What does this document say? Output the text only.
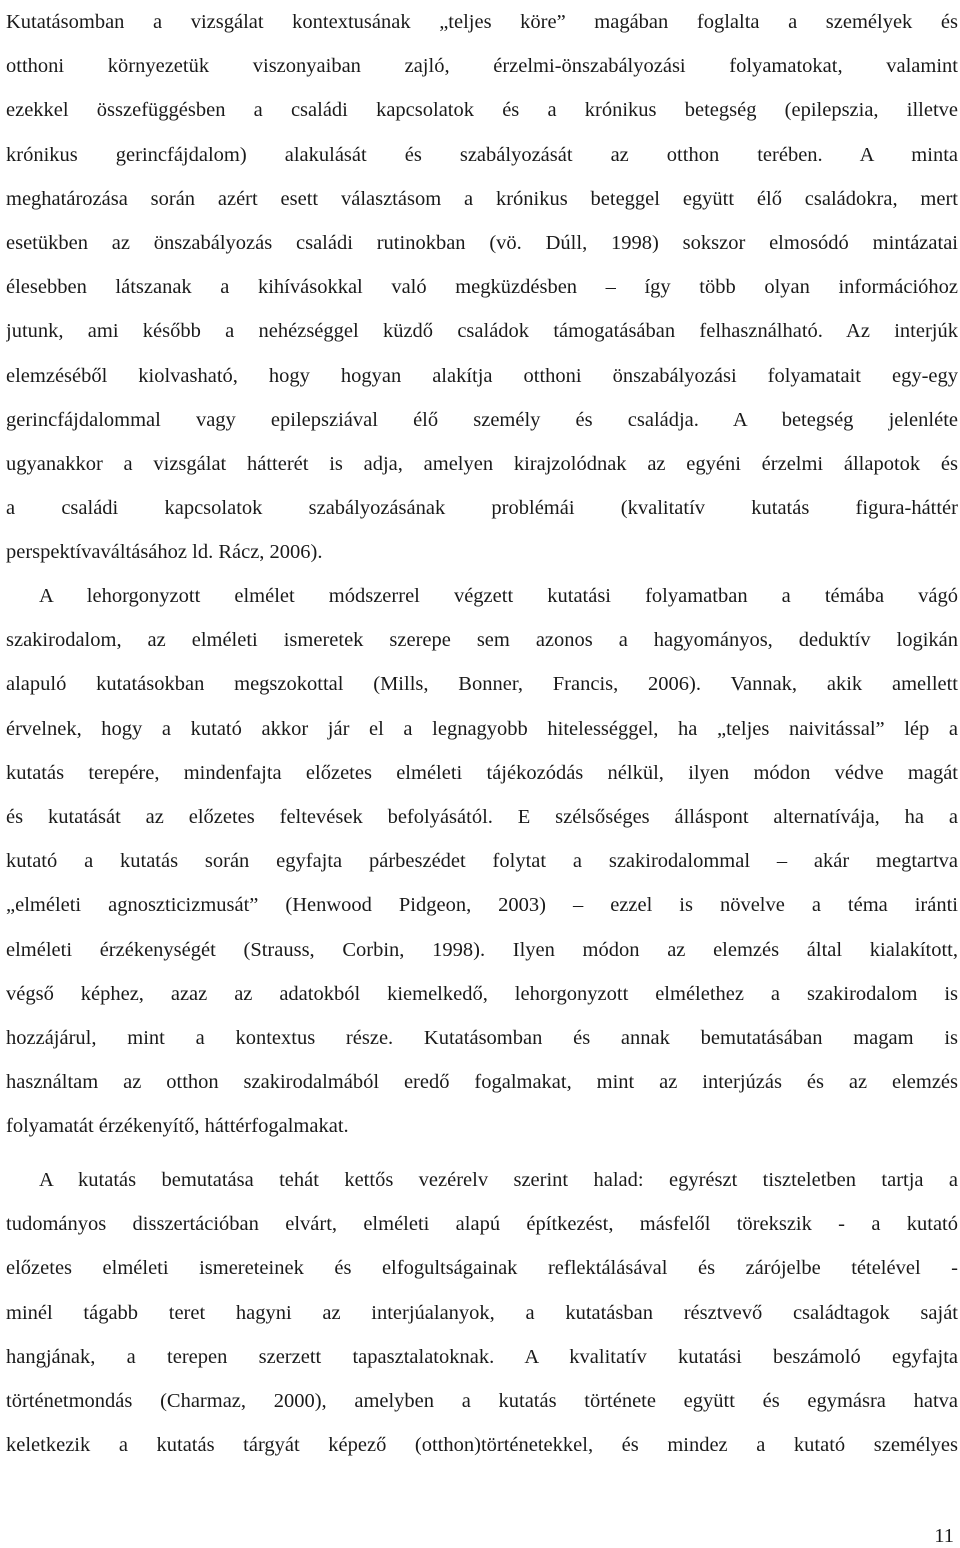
Kutatásomban a vizsgálat kontextusának „teljes köre” magában foglalta a személyek és
otthoni környezetük viszonyaiban zajló, érzelmi-önszabályozási folyamatokat, valamint
ezekkel összefüggésben a családi kapcsolatok és a krónikus betegség (epilepszia, illetve
krónikus gerincfájdalom) alakulását és szabályozását az otthon terében. A minta
meghatározása során azért esett választásom a krónikus beteggel együtt élő családokra, mert
esetükben az önszabályozás családi rutinokban (vö. Dúll, 1998) sokszor elmosódó mintázatai
élesebben látszanak a kihívásokkal való megküzdésben – így több olyan információhoz
jutunk, ami később a nehézséggel küzdő családok támogatásában felhasználható. Az interjúk
elemzéséből kiolvasható, hogy hogyan alakítja otthoni önszabályozási folyamatait egy-egy
gerincfájdalommal vagy epilepsziával élő személy és családja. A betegség jelenléte
ugyanakkor a vizsgálat hátterét is adja, amelyen kirajzolódnak az egyéni érzelmi állapotok és
a családi kapcsolatok szabályozásának problémái (kvalitatív kutatás figura-háttér
perspektívaváltásához ld. Rácz, 2006).
A lehorgonyzott elmélet módszerrel végzett kutatási folyamatban a témába vágó
szakirodalom, az elméleti ismeretek szerepe sem azonos a hagyományos, deduktív logikán
alapuló kutatásokban megszokottal (Mills, Bonner, Francis, 2006). Vannak, akik amellett
érvelnek, hogy a kutató akkor jár el a legnagyobb hitelességgel, ha „teljes naivitással” lép a
kutatás terepére, mindenfajta előzetes elméleti tájékozódás nélkül, ilyen módon védve magát
és kutatását az előzetes feltevések befolyásától. E szélsőséges álláspont alternatívája, ha a
kutató a kutatás során egyfajta párbeszédet folytat a szakirodalommal – akár megtartva
„elméleti agnoszticizmusát” (Henwood Pidgeon, 2003) – ezzel is növelve a téma iránti
elméleti érzékenységét (Strauss, Corbin, 1998). Ilyen módon az elemzés által kialakított,
végső képhez, azaz az adatokból kiemelkedő, lehorgonyzott elmélethez a szakirodalom is
hozzájárul, mint a kontextus része. Kutatásomban és annak bemutatásában magam is
használtam az otthon szakirodalmából eredő fogalmakat, mint az interjúzás és az elemzés
folyamatát érzékenyítő, háttérfogalmakat.
A kutatás bemutatása tehát kettős vezérelv szerint halad: egyrészt tiszteletben tartja a
tudományos disszertációban elvárt, elméleti alapú építkezést, másfelől törekszik - a kutató
előzetes elméleti ismereteinek és elfogultságainak reflektálásával és zárójelbe tételével -
minél tágabb teret hagyni az interjúalanyok, a kutatásban résztvevő családtagok saját
hangjának, a terepen szerzett tapasztalatoknak. A kvalitatív kutatási beszámoló egyfajta
történetmondás (Charmaz, 2000), amelyben a kutatás története együtt és egymásra hatva
keletkezik a kutatás tárgyát képező (otthon)történetekkel, és mindez a kutató személyes
11
